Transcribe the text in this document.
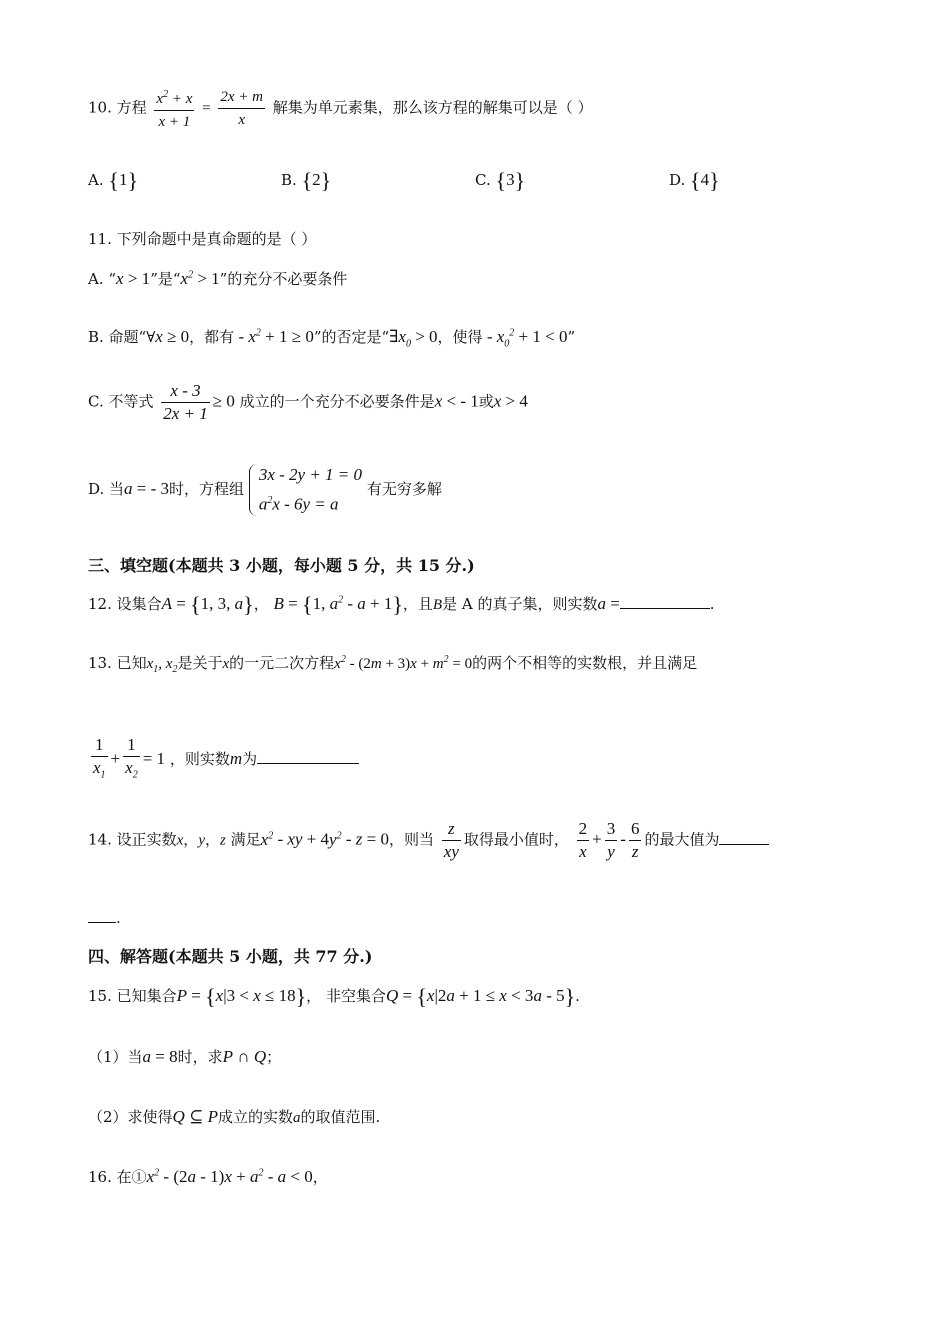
10. 方程 $\frac{x^2 + x}{x + 1} = \frac{2x + m}{x}$ 解集为单元素集，那么该方程的解集可以是（ ）
A. {1}	B. {2}	C. {3}	D. {4}
11. 下列命题中是真命题的是（ ）
A. “x > 1”是“$x^2 > 1$”的充分不必要条件
B. 命题“∀x ≥ 0，都有 - $x^2 + 1 \ge 0$”的否定是“$\exists x_0 > 0$，使得 - $x_0^2 + 1 < 0$”
C. 不等式 $\frac{x - 3}{2x + 1} \ge 0$ 成立的一个充分不必要条件是x < - 1或x > 4
D. 当a = - 3时，方程组 3x - 2y + 1 = 0
$a^2x - 6y = a$ 有无穷多解
三、填空题(本题共 3 小题，每小题 5 分，共 15 分.)
12. 设集合A = {1, 3, a}， B = {1, $a^2 - a + 1$}，且B是 A 的真子集，则实数a =	.
13. 已知$x_1$, $x_2$是关于x的一元二次方程$x^2 - (2m + 3)x + m^2 = 0$的两个不相等的实数根，并且满足
$\frac{1}{x_1} + \frac{1}{x_2} = 1$ ，则实数m为
14. 设正实数x，y，z 满足$x^2$ - xy + $4y^2 - z = 0$，则当 $\frac{z}{xy}$ 取得最小值时， $\frac{2}{x} + \frac{3}{y} - \frac{6}{z}$ 的最大值为
.
四、解答题(本题共 5 小题，共 77 分.)
15. 已知集合P = {x|3 < x ≤ 18}， 非空集合Q = {x|2a + 1 ≤ x < 3a - 5}.
（1）当a = 8时，求P ∩ Q；
（2）求使得Q ⊆ P成立的实数a的取值范围.
16. 在$①x^2 - (2a - 1)x + a^2 - a < 0$，
